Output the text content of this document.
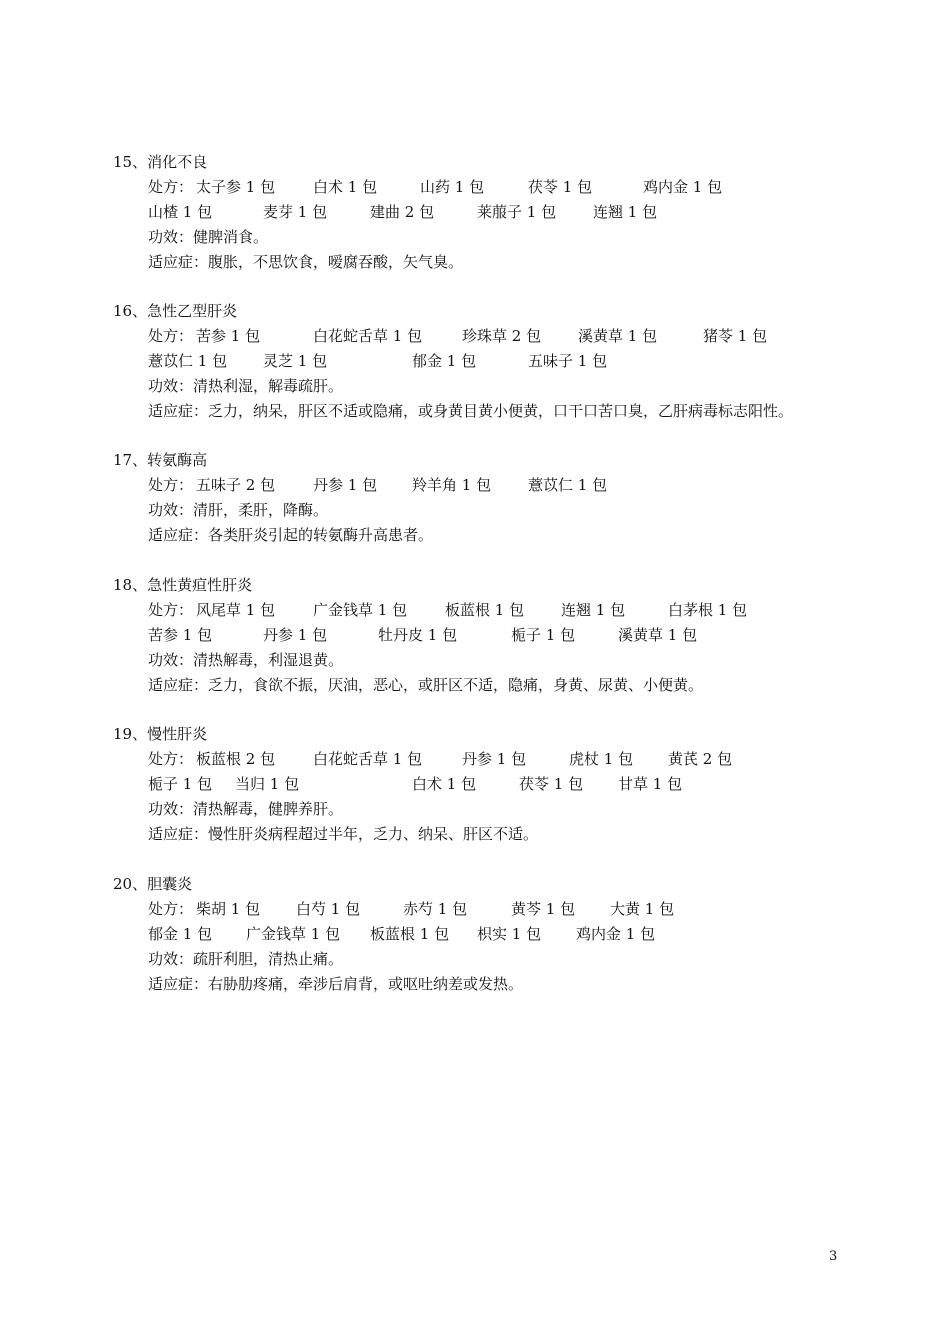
15、消化不良
处方： 太子参 1 包	白术 1 包	山药 1 包	茯苓 1 包	鸡内金 1 包
山楂 1 包	麦芽 1 包	建曲 2 包	莱菔子 1 包 连翘 1 包
功效：健脾消食。
适应症：腹胀，不思饮食，嗳腐吞酸，矢气臭。
16、急性乙型肝炎
处方： 苦参 1 包	白花蛇舌草 1 包	珍珠草 2 包 溪黄草 1 包	猪苓 1 包
薏苡仁 1 包 灵芝 1 包	郁金 1 包	五味子 1 包
功效：清热利湿，解毒疏肝。
适应症：乏力，纳呆，肝区不适或隐痛，或身黄目黄小便黄，口干口苦口臭，乙肝病毒标志阳性。
17、转氨酶高
处方： 五味子 2 包	丹参 1 包 羚羊角 1 包 薏苡仁 1 包
功效：清肝，柔肝，降酶。
适应症：各类肝炎引起的转氨酶升高患者。
18、急性黄疸性肝炎
处方： 风尾草 1 包	广金钱草 1 包	板蓝根 1 包 连翘 1 包	白茅根 1 包
苦参 1 包	丹参 1 包	牡丹皮 1 包	栀子 1 包	溪黄草 1 包
功效：清热解毒，利湿退黄。
适应症：乏力，食欲不振，厌油，恶心，或肝区不适，隐痛，身黄、尿黄、小便黄。
19、慢性肝炎
处方： 板蓝根 2 包	白花蛇舌草 1 包	丹参 1 包	虎杖 1 包 黄芪 2 包
栀子 1 包 当归 1 包	白术 1 包	茯苓 1 包 甘草 1 包
功效：清热解毒，健脾养肝。
适应症：慢性肝炎病程超过半年，乏力、纳呆、肝区不适。
20、胆囊炎
处方： 柴胡 1 包 白芍 1 包	赤芍 1 包	黄芩 1 包 大黄 1 包
郁金 1 包 广金钱草 1 包 板蓝根 1 包 枳实 1 包 鸡内金 1 包
功效：疏肝利胆，清热止痛。
适应症：右胁肋疼痛，牵涉后肩背，或呕吐纳差或发热。
3
